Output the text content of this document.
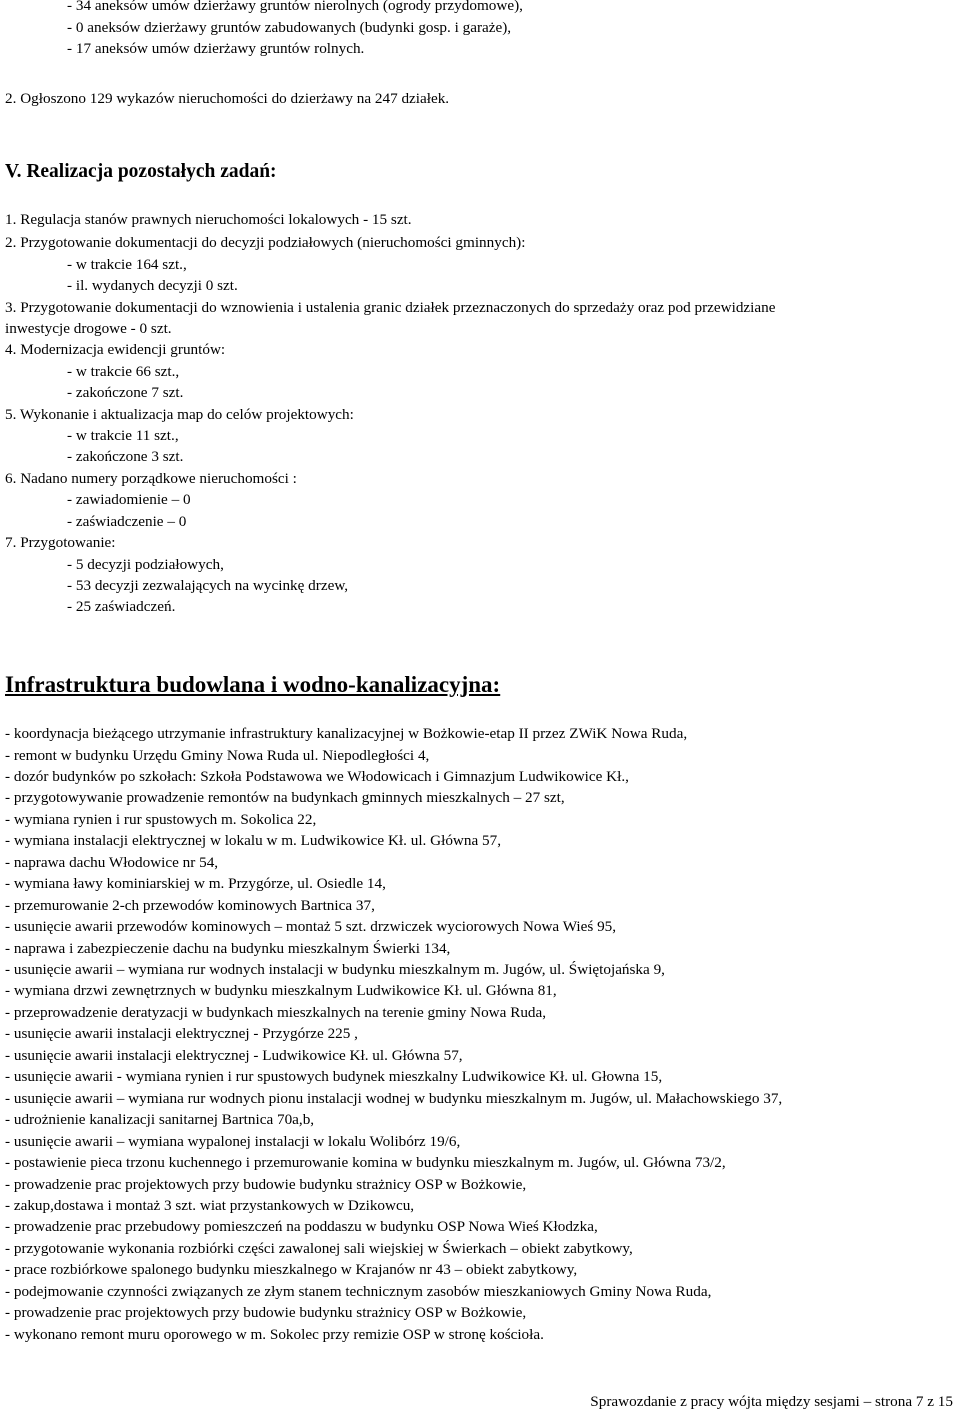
- 34 aneksów umów dzierżawy gruntów nierolnych (ogrody przydomowe),
- 0 aneksów dzierżawy gruntów zabudowanych (budynki gosp. i garaże),
- 17 aneksów umów dzierżawy gruntów rolnych.
2. Ogłoszono 129 wykazów nieruchomości do dzierżawy na 247 działek.
V. Realizacja pozostałych zadań:
1. Regulacja stanów prawnych nieruchomości lokalowych - 15 szt.
2. Przygotowanie dokumentacji do decyzji podziałowych (nieruchomości gminnych):
- w trakcie 164 szt.,
- il. wydanych decyzji 0 szt.
3. Przygotowanie dokumentacji do wznowienia i ustalenia granic działek przeznaczonych do sprzedaży oraz pod przewidziane
inwestycje drogowe - 0 szt.
4. Modernizacja ewidencji gruntów:
- w trakcie 66 szt.,
- zakończone 7 szt.
5. Wykonanie i aktualizacja map do celów projektowych:
- w trakcie 11 szt.,
- zakończone 3 szt.
6. Nadano numery porządkowe nieruchomości :
- zawiadomienie – 0
- zaświadczenie – 0
7. Przygotowanie:
- 5 decyzji podziałowych,
- 53 decyzji zezwalających na wycinkę drzew,
- 25 zaświadczeń.
Infrastruktura budowlana i wodno-kanalizacyjna:
- koordynacja bieżącego utrzymanie infrastruktury kanalizacyjnej w Bożkowie-etap II przez ZWiK Nowa Ruda,
- remont w budynku Urzędu Gminy Nowa Ruda ul. Niepodległości 4,
- dozór budynków po szkołach: Szkoła Podstawowa we Włodowicach i Gimnazjum Ludwikowice Kł.,
- przygotowywanie prowadzenie remontów na budynkach gminnych mieszkalnych – 27 szt,
- wymiana rynien i rur spustowych m. Sokolica 22,
- wymiana instalacji elektrycznej w lokalu w m. Ludwikowice Kł. ul. Główna 57,
- naprawa dachu Włodowice nr 54,
- wymiana ławy kominiarskiej w m. Przygórze, ul. Osiedle 14,
- przemurowanie 2-ch przewodów kominowych Bartnica 37,
- usunięcie awarii przewodów kominowych – montaż 5 szt. drzwiczek wyciorowych Nowa Wieś 95,
- naprawa i zabezpieczenie dachu na budynku mieszkalnym Świerki 134,
- usunięcie awarii – wymiana rur wodnych instalacji w budynku mieszkalnym m. Jugów, ul. Świętojańska 9,
- wymiana drzwi zewnętrznych w budynku mieszkalnym Ludwikowice Kł. ul. Główna 81,
- przeprowadzenie deratyzacji w budynkach mieszkalnych na terenie gminy Nowa Ruda,
- usunięcie awarii instalacji elektrycznej - Przygórze 225 ,
- usunięcie awarii instalacji elektrycznej - Ludwikowice Kł. ul. Główna 57,
- usunięcie awarii - wymiana rynien i rur spustowych budynek mieszkalny Ludwikowice Kł. ul. Głowna 15,
- usunięcie awarii – wymiana rur wodnych pionu instalacji wodnej w budynku mieszkalnym m. Jugów, ul. Małachowskiego 37,
- udrożnienie kanalizacji sanitarnej Bartnica 70a,b,
- usunięcie awarii – wymiana wypalonej instalacji w lokalu Wolibórz 19/6,
- postawienie pieca trzonu kuchennego i przemurowanie komina w budynku mieszkalnym m. Jugów, ul. Główna 73/2,
- prowadzenie prac projektowych przy budowie budynku strażnicy OSP w Bożkowie,
- zakup,dostawa i montaż 3 szt. wiat przystankowych w Dzikowcu,
- prowadzenie prac przebudowy pomieszczeń na poddaszu w budynku OSP Nowa Wieś Kłodzka,
- przygotowanie wykonania rozbiórki części zawalonej sali wiejskiej w Świerkach – obiekt zabytkowy,
- prace rozbiórkowe spalonego budynku mieszkalnego w Krajanów nr 43 – obiekt zabytkowy,
- podejmowanie czynności związanych ze złym stanem technicznym zasobów mieszkaniowych Gminy Nowa Ruda,
- prowadzenie prac projektowych przy budowie budynku strażnicy OSP w Bożkowie,
- wykonano remont muru oporowego w m. Sokolec przy remizie OSP w stronę kościoła.
Sprawozdanie z pracy wójta między sesjami – strona 7 z 15
